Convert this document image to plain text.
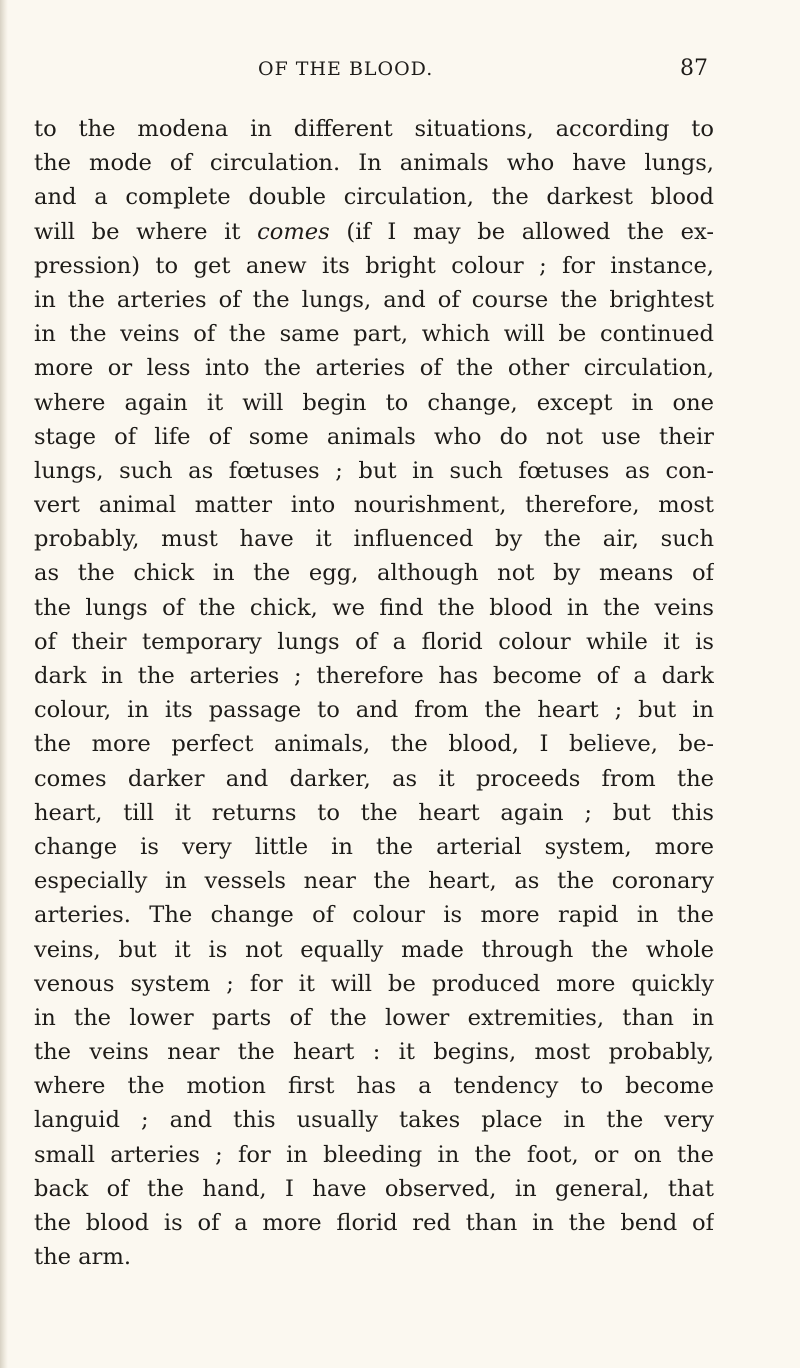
OF THE BLOOD.	87
to the modena in different situations, according to
the mode of circulation. In animals who have lungs,
and a complete double circulation, the darkest blood
will be where it comes (if I may be allowed the ex-
pression) to get anew its bright colour ; for instance,
in the arteries of the lungs, and of course the brightest
in the veins of the same part, which will be continued
more or less into the arteries of the other circulation,
where again it will begin to change, except in one
stage of life of some animals who do not use their
lungs, such as fœtuses ; but in such fœtuses as con-
vert animal matter into nourishment, therefore, most
probably, must have it influenced by the air, such
as the chick in the egg, although not by means of
the lungs of the chick, we find the blood in the veins
of their temporary lungs of a florid colour while it is
dark in the arteries ; therefore has become of a dark
colour, in its passage to and from the heart ; but in
the more perfect animals, the blood, I believe, be-
comes darker and darker, as it proceeds from the
heart, till it returns to the heart again ; but this
change is very little in the arterial system, more
especially in vessels near the heart, as the coronary
arteries. The change of colour is more rapid in the
veins, but it is not equally made through the whole
venous system ; for it will be produced more quickly
in the lower parts of the lower extremities, than in
the veins near the heart : it begins, most probably,
where the motion first has a tendency to become
languid ; and this usually takes place in the very
small arteries ; for in bleeding in the foot, or on the
back of the hand, I have observed, in general, that
the blood is of a more florid red than in the bend of
the arm.
